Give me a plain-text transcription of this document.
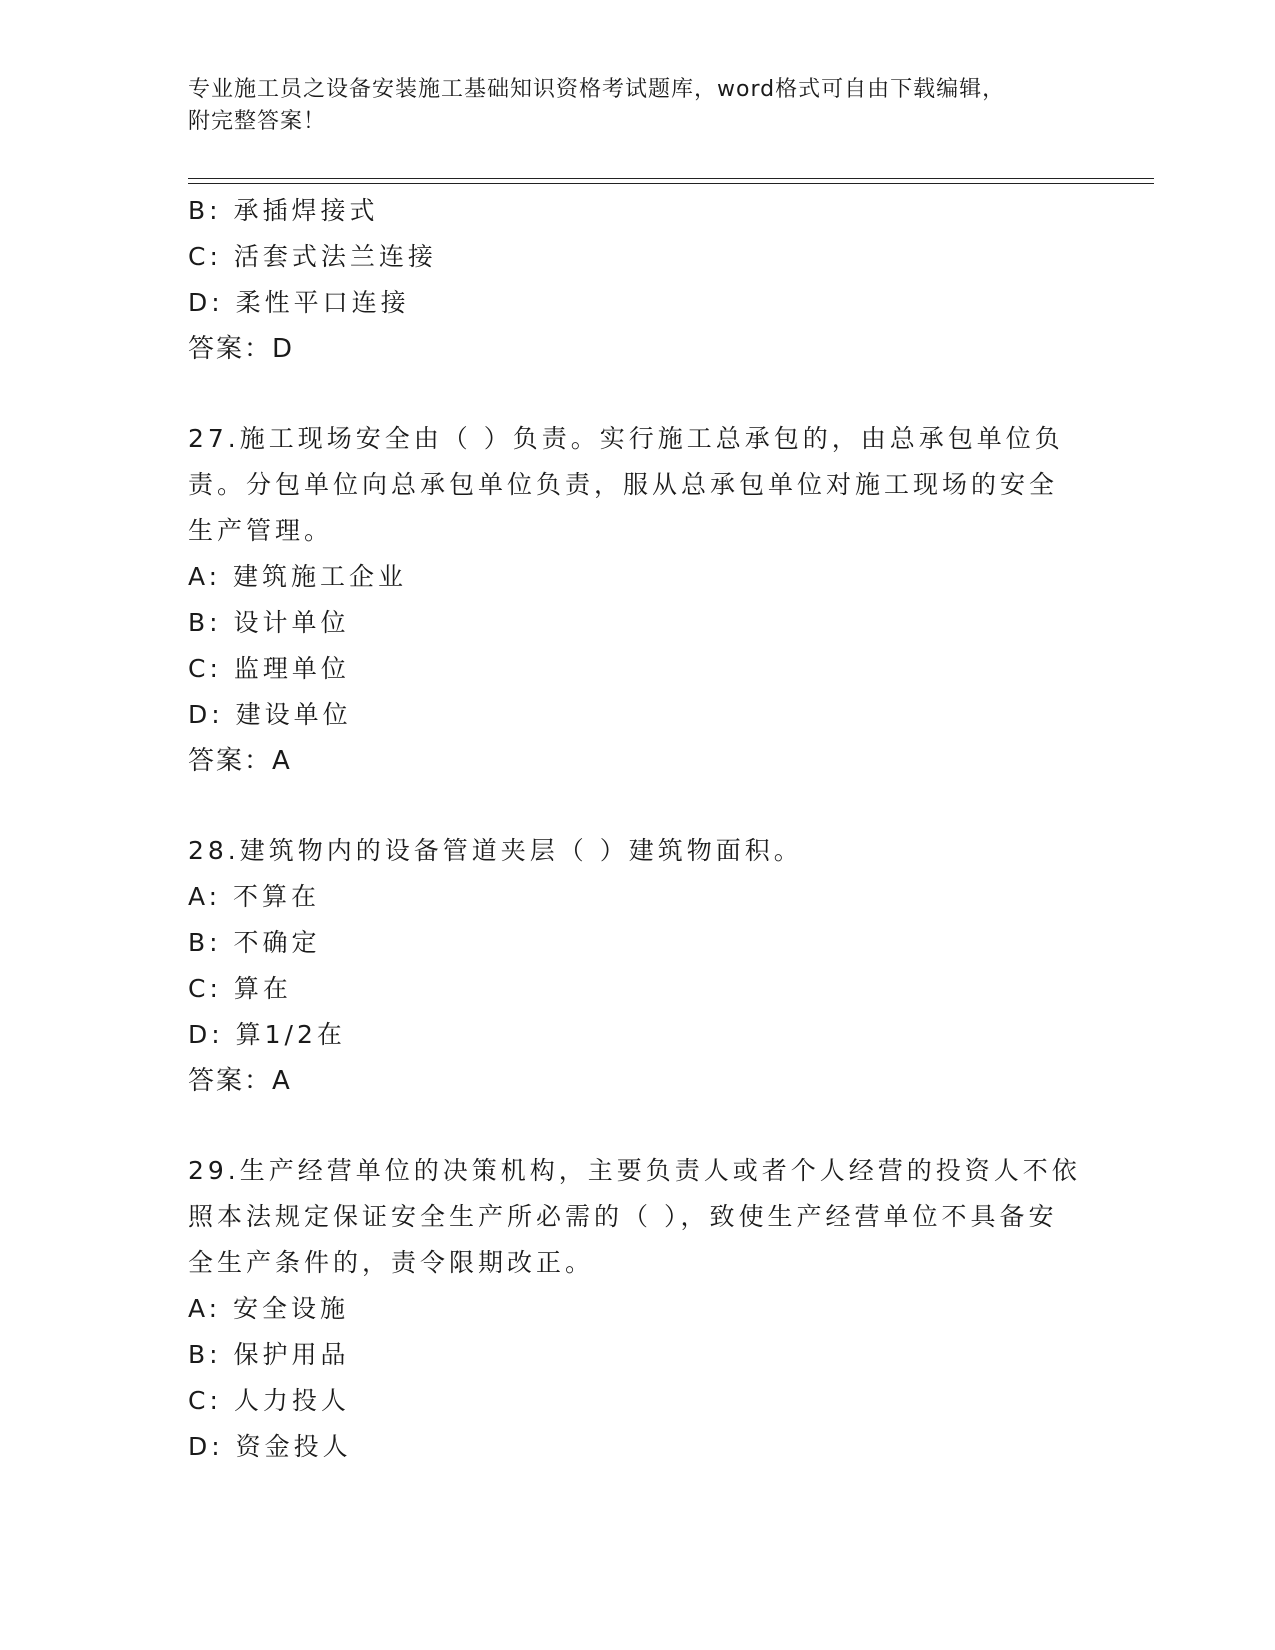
专业施工员之设备安装施工基础知识资格考试题库，word格式可自由下载编辑，
附完整答案！
B: 承插焊接式
C: 活套式法兰连接
D: 柔性平口连接
答案：D
27.施工现场安全由（ ）负责。实行施工总承包的，由总承包单位负
责。分包单位向总承包单位负责，服从总承包单位对施工现场的安全
生产管理。
A: 建筑施工企业
B: 设计单位
C: 监理单位
D: 建设单位
答案：A
28.建筑物内的设备管道夹层（ ）建筑物面积。
A: 不算在
B: 不确定
C: 算在
D: 算1/2在
答案：A
29.生产经营单位的决策机构，主要负责人或者个人经营的投资人不依
照本法规定保证安全生产所必需的（ ），致使生产经营单位不具备安
全生产条件的，责令限期改正。
A: 安全设施
B: 保护用品
C: 人力投人
D: 资金投人
